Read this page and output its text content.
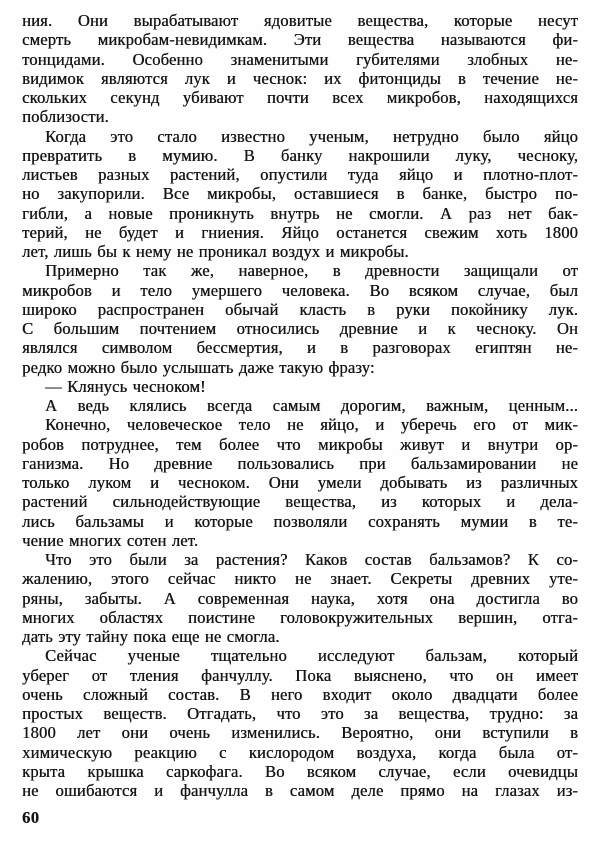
ния. Они вырабатывают ядовитые вещества, которые несут
смерть микробам-невидимкам. Эти вещества называются фи-
тонцидами. Особенно знаменитыми губителями злобных не-
видимок являются лук и чеснок: их фитонциды в течение не-
скольких секунд убивают почти всех микробов, находящихся
поблизости.
Когда это стало известно ученым, нетрудно было яйцо
превратить в мумию. В банку накрошили луку, чесноку,
листьев разных растений, опустили туда яйцо и плотно-плот-
но закупорили. Все микробы, оставшиеся в банке, быстро по-
гибли, а новые проникнуть внутрь не смогли. А раз нет бак-
терий, не будет и гниения. Яйцо останется свежим хоть 1800
лет, лишь бы к нему не проникал воздух и микробы.
Примерно так же, наверное, в древности защищали от
микробов и тело умершего человека. Во всяком случае, был
широко распространен обычай класть в руки покойнику лук.
С большим почтением относились древние и к чесноку. Он
являлся символом бессмертия, и в разговорах египтян не-
редко можно было услышать даже такую фразу:
— Клянусь чесноком!
А ведь клялись всегда самым дорогим, важным, ценным...
Конечно, человеческое тело не яйцо, и уберечь его от мик-
робов потруднее, тем более что микробы живут и внутри ор-
ганизма. Но древние пользовались при бальзамировании не
только луком и чесноком. Они умели добывать из различных
растений сильнодействующие вещества, из которых и дела-
лись бальзамы и которые позволяли сохранять мумии в те-
чение многих сотен лет.
Что это были за растения? Каков состав бальзамов? К со-
жалению, этого сейчас никто не знает. Секреты древних уте-
ряны, забыты. А современная наука, хотя она достигла во
многих областях поистине головокружительных вершин, отга-
дать эту тайну пока еще не смогла.
Сейчас ученые тщательно исследуют бальзам, который
уберег от тления фанчуллу. Пока выяснено, что он имеет
очень сложный состав. В него входит около двадцати более
простых веществ. Отгадать, что это за вещества, трудно: за
1800 лет они очень изменились. Вероятно, они вступили в
химическую реакцию с кислородом воздуха, когда была от-
крыта крышка саркофага. Во всяком случае, если очевидцы
не ошибаются и фанчулла в самом деле прямо на глазах из-
60
